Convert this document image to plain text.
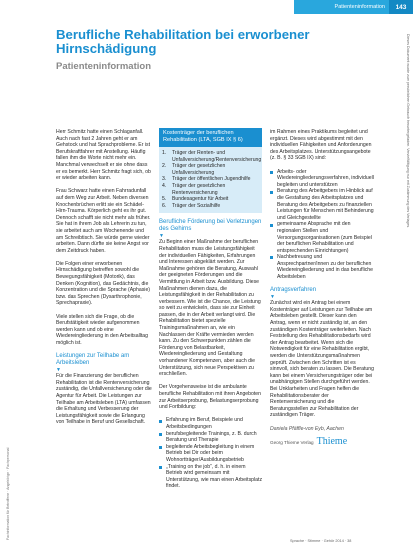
Patienteninformation	143
Berufliche Rehabilitation bei erworbener Hirnschädigung
Patienteninformation	Dieses Dokument wurde zum persönlichen Gebrauch heruntergeladen. Vervielfältigung nur mit Zustimmung des Verlages.
Fachinformation für Betroffene · Angehörige · Fachpersonal

Herr Schmitz hatte einen Schlaganfall. Auch nach fast 2 Jahren geht er am Gehstock und hat Sprachprobleme. Er ist Berufskraftfahrer mit Anstellung. Häufig fallen ihm die Worte nicht mehr ein. Manchmal verwechselt er sie ohne dass er es bemerkt. Herr Schmitz fragt sich, ob er wieder arbeiten kann.

Frau Schwarz hatte einen Fahrradunfall auf dem Weg zur Arbeit. Neben diversen Knochenbrüchen erlitt sie ein Schädel-Hirn-Trauma. Körperlich geht es ihr gut. Dennoch schafft sie nicht mehr als früher. Sie hat in ihrem Job als Lehrerin zu tun, sie arbeitet auch am Wochenende und am Schreibtisch. Sie würde gerne wieder arbeiten. Dann dürfte sie keine Angst vor dem Zeitdruck haben.

Die Folgen einer erworbenen Hirnschädigung betreffen sowohl die Bewegungsfähigkeit (Motorik), das Denken (Kognition), das Gedächtnis, die Konzentration und die Sprache (Aphasie) bzw. das Sprechen (Dysarthrophonie, Sprechapraxie).

Viele stellen sich die Frage, ob die Berufstätigkeit wieder aufgenommen werden kann und ob eine Wiedereingliederung in den Arbeitsalltag möglich ist.

Leistungen zur Teilhabe am Arbeitsleben
▼

Für die Finanzierung der beruflichen Rehabilitation ist die Rentenversicherung zuständig, die Unfallversicherung oder die Agentur für Arbeit. Die Leistungen zur Teilhabe am Arbeitsleben (LTA) umfassen die Erhaltung und Verbesserung der Leistungsfähigkeit sowie die Erlangung von Teilhabe in Beruf und Gesellschaft.

Kostenträger der beruflichen Rehabilitation (LTA, SGB IX § 6)
1.	Träger der Renten- und Unfallversicherung/Rentenversicherung
2.	Träger der gesetzlichen Unfallversicherung
3.	Träger der öffentlichen Jugendhilfe
4.	Träger der gesetzlichen Rentenversicherung
5.	Bundesagentur für Arbeit
6.	Träger der Sozialhilfe
Berufliche Förderung bei Verletzungen des Gehirns
▼

Zu Beginn einer Maßnahme der beruflichen Rehabilitation muss die Leistungsfähigkeit der individuellen Fähigkeiten, Erfahrungen und Interessen abgeklärt werden. Zur Maßnahme gehören die Beratung, Auswahl der geeigneten Förderungen und die Vermittlung in Arbeit bzw. Ausbildung. Diese Maßnahmen dienen dazu, die Leistungsfähigkeit in der Rehabilitation zu verbessern. Wie ist die Chance, die Leistung so weit zu entwickeln, dass sie zur Einheit passen, die in der Arbeit verlangt wird. Die Rehabilitation bietet spezielle Trainingsmaßnahmen an, wie ein Nachlassen der Kräfte vermieden werden kann. Zu den Schwerpunkten zählen die Förderung von Belastbarkeit, Wiedereingliederung und Gestaltung vorhandener Kompetenzen, aber auch die Unterstützung, sich neue Perspektiven zu erschließen.

Der Vorgehensweise ist die ambulante berufliche Rehabilitation mit ihren Angeboten zur Arbeitserprobung, Belastungserprobung und Fortbildung:

Erfahrung im Beruf, Beispiele und Arbeitsbedingungen
berufsbegleitende Trainings, z. B. durch Beratung und Therapie
begleitende Arbeitsbegleitung in einem Betrieb bei Dir oder beim Wohnortträger/Ausbildungsbetrieb
„Training on the job“, d. h. in einem Betrieb wird gemeinsam mit Unterstützung, wie man einen Arbeitsplatz findet.

im Rahmen eines Praktikums begleitet und ergänzt. Dieses wird abgestimmt mit den individuellen Fähigkeiten und Anforderungen des Arbeitsplatzes. Unterstützungsangebote (z. B. § 33 SGB IX) sind:

Arbeits- oder Wiedereingliederungsverfahren, individuell begleiten und unterstützen
Beratung des Arbeitgebers im Hinblick auf die Gestaltung des Arbeitsplatzes und Beratung des Arbeitgebers zu finanziellen Leistungen für Menschen mit Behinderung und Gleichgestellte
gemeinsame Absprache mit den regionalen Stellen und Versorgungsorganisationen (zum Beispiel der beruflichen Rehabilitation und entsprechenden Einrichtungen)
Nachbetreuung und Ansprechpartner/innen zu der beruflichen Wiedereingliederung und in das berufliche Arbeitsleben
Antragsverfahren
▼

Zunächst wird ein Antrag bei einem Kostenträger auf Leistungen zur Teilhabe am Arbeitsleben gestellt. Dieser kann den Antrag, wenn er nicht zuständig ist, an den zuständigen Kostenträger weiterleiten. Nach Feststellung des Rehabilitationsbedarfs wird der Antrag bearbeitet. Wenn sich die Notwendigkeit für eine Rehabilitation ergibt, werden die Unterstützungsmaßnahmen geprüft. Zwischen den Schritten ist es sinnvoll, sich beraten zu lassen. Die Beratung kann bei einem Versicherungsträger oder bei unabhängigen Stellen durchgeführt werden. Bei Unklarheiten und Fragen helfen die Rehabilitationsberater der Rentenversicherung und die Beratungsstellen zur Rehabilitation der zuständigen Träger.

Daniela Pfäffle-von Eyb, Aachen

Georg Thieme Verlag Thieme
Sprache · Stimme · Gehör 2014 · 38
